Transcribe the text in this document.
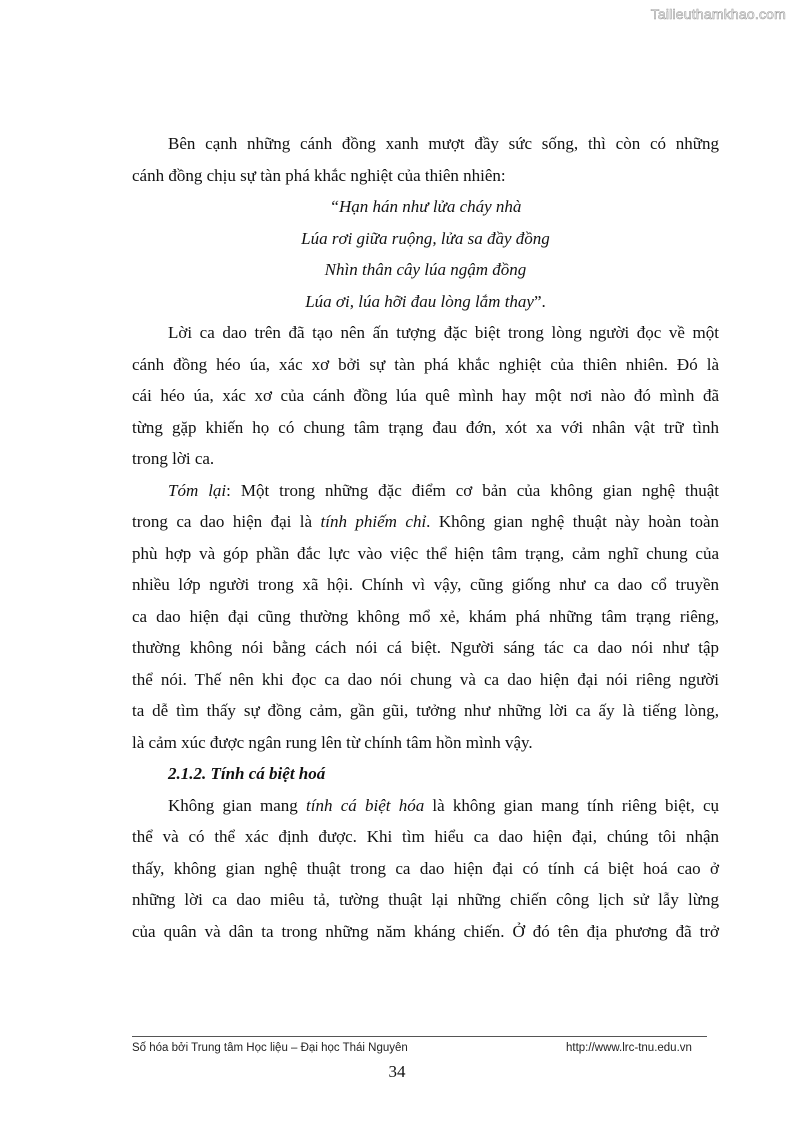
Tailieuthamkhao.com
Bên cạnh những cánh đồng xanh mượt đầy sức sống, thì còn có những
cánh đồng chịu sự tàn phá khắc nghiệt của thiên nhiên:
“Hạn hán như lửa cháy nhà
Lúa rơi giữa ruộng, lửa sa đầy đồng
Nhìn thân cây lúa ngậm đồng
Lúa ơi, lúa hỡi đau lòng lắm thay”.
Lời ca dao trên đã tạo nên ấn tượng đặc biệt trong lòng người đọc về một
cánh đồng héo úa, xác xơ bởi sự tàn phá khắc nghiệt của thiên nhiên. Đó là
cái héo úa, xác xơ của cánh đồng lúa quê mình hay một nơi nào đó mình đã
từng gặp khiến họ có chung tâm trạng đau đớn, xót xa với nhân vật trữ tình
trong lời ca.
Tóm lại: Một trong những đặc điểm cơ bản của không gian nghệ thuật
trong ca dao hiện đại là tính phiếm chỉ. Không gian nghệ thuật này hoàn toàn
phù hợp và góp phần đắc lực vào việc thể hiện tâm trạng, cảm nghĩ chung của
nhiều lớp người trong xã hội. Chính vì vậy, cũng giống như ca dao cổ truyền
ca dao hiện đại cũng thường không mổ xẻ, khám phá những tâm trạng riêng,
thường không nói bằng cách nói cá biệt. Người sáng tác ca dao nói như tập
thể nói. Thế nên khi đọc ca dao nói chung và ca dao hiện đại nói riêng người
ta dễ tìm thấy sự đồng cảm, gần gũi, tưởng như những lời ca ấy là tiếng lòng,
là cảm xúc được ngân rung lên từ chính tâm hồn mình vậy.
2.1.2. Tính cá biệt hoá
Không gian mang tính cá biệt hóa là không gian mang tính riêng biệt, cụ
thể và có thể xác định được. Khi tìm hiểu ca dao hiện đại, chúng tôi nhận
thấy, không gian nghệ thuật trong ca dao hiện đại có tính cá biệt hoá cao ở
những lời ca dao miêu tả, tường thuật lại những chiến công lịch sử lẫy lừng
của quân và dân ta trong những năm kháng chiến. Ở đó tên địa phương đã trở
Số hóa bởi Trung tâm Học liệu – Đại học Thái Nguyên	http://www.lrc-tnu.edu.vn
34
